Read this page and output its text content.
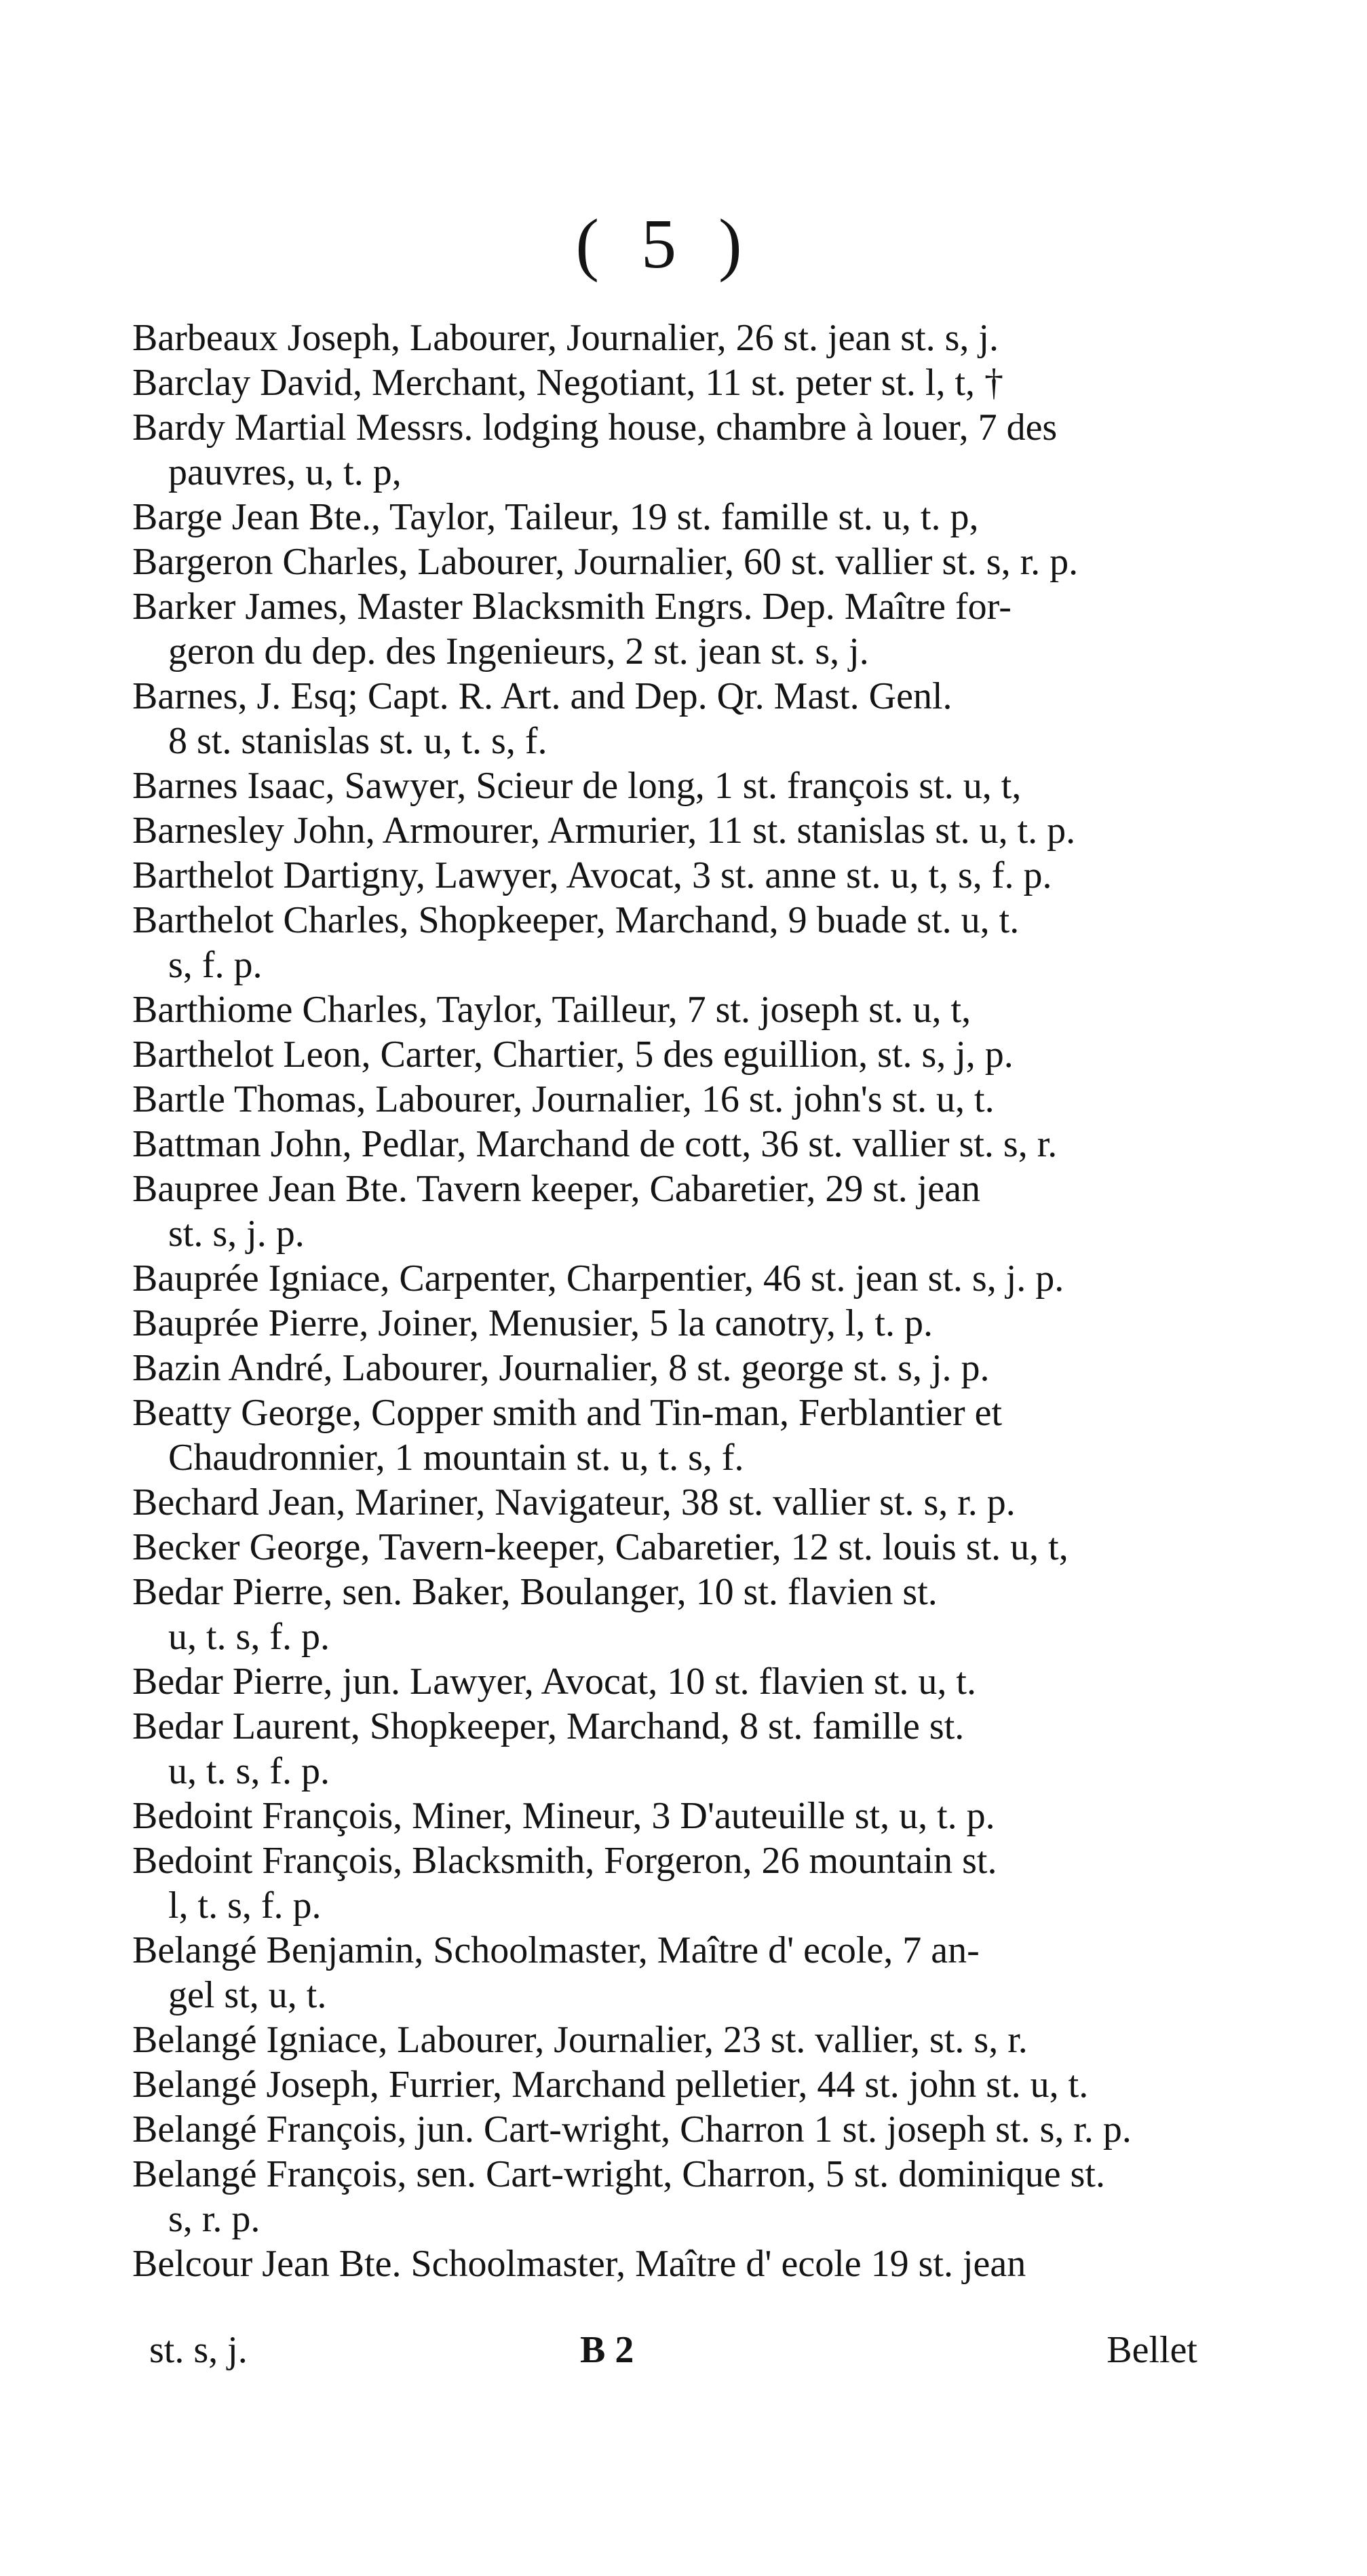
( 5 )
Barbeaux Joseph, Labourer, Journalier, 26 st. jean st. s, j.
Barclay David, Merchant, Negotiant, 11 st. peter st. l, t, †
Bardy Martial Messrs. lodging house, chambre à louer, 7 des
pauvres, u, t. p,
Barge Jean Bte., Taylor, Taileur, 19 st. famille st. u, t. p,
Bargeron Charles, Labourer, Journalier, 60 st. vallier st. s, r. p.
Barker James, Master Blacksmith Engrs. Dep. Maître for-
geron du dep. des Ingenieurs, 2 st. jean st. s, j.
Barnes, J. Esq; Capt. R. Art. and Dep. Qr. Mast. Genl.
8 st. stanislas st. u, t. s, f.
Barnes Isaac, Sawyer, Scieur de long, 1 st. françois st. u, t,
Barnesley John, Armourer, Armurier, 11 st. stanislas st. u, t. p.
Barthelot Dartigny, Lawyer, Avocat, 3 st. anne st. u, t, s, f. p.
Barthelot Charles, Shopkeeper, Marchand, 9 buade st. u, t.
s, f. p.
Barthiome Charles, Taylor, Tailleur, 7 st. joseph st. u, t,
Barthelot Leon, Carter, Chartier, 5 des eguillion, st. s, j, p.
Bartle Thomas, Labourer, Journalier, 16 st. john's st. u, t.
Battman John, Pedlar, Marchand de cott, 36 st. vallier st. s, r.
Baupree Jean Bte. Tavern keeper, Cabaretier, 29 st. jean
st. s, j. p.
Bauprée Igniace, Carpenter, Charpentier, 46 st. jean st. s, j. p.
Bauprée Pierre, Joiner, Menusier, 5 la canotry, l, t. p.
Bazin André, Labourer, Journalier, 8 st. george st. s, j. p.
Beatty George, Copper smith and Tin-man, Ferblantier et
Chaudronnier, 1 mountain st. u, t. s, f.
Bechard Jean, Mariner, Navigateur, 38 st. vallier st. s, r. p.
Becker George, Tavern-keeper, Cabaretier, 12 st. louis st. u, t,
Bedar Pierre, sen. Baker, Boulanger, 10 st. flavien st.
u, t. s, f. p.
Bedar Pierre, jun. Lawyer, Avocat, 10 st. flavien st. u, t.
Bedar Laurent, Shopkeeper, Marchand, 8 st. famille st.
u, t. s, f. p.
Bedoint François, Miner, Mineur, 3 D'auteuille st, u, t. p.
Bedoint François, Blacksmith, Forgeron, 26 mountain st.
l, t. s, f. p.
Belangé Benjamin, Schoolmaster, Maître d' ecole, 7 an-
gel st, u, t.
Belangé Igniace, Labourer, Journalier, 23 st. vallier, st. s, r.
Belangé Joseph, Furrier, Marchand pelletier, 44 st. john st. u, t.
Belangé François, jun. Cart-wright, Charron 1 st. joseph st. s, r. p.
Belangé François, sen. Cart-wright, Charron, 5 st. dominique st.
s, r. p.
Belcour Jean Bte. Schoolmaster, Maître d' ecole 19 st. jean
st. s, j.	B 2	Bellet
